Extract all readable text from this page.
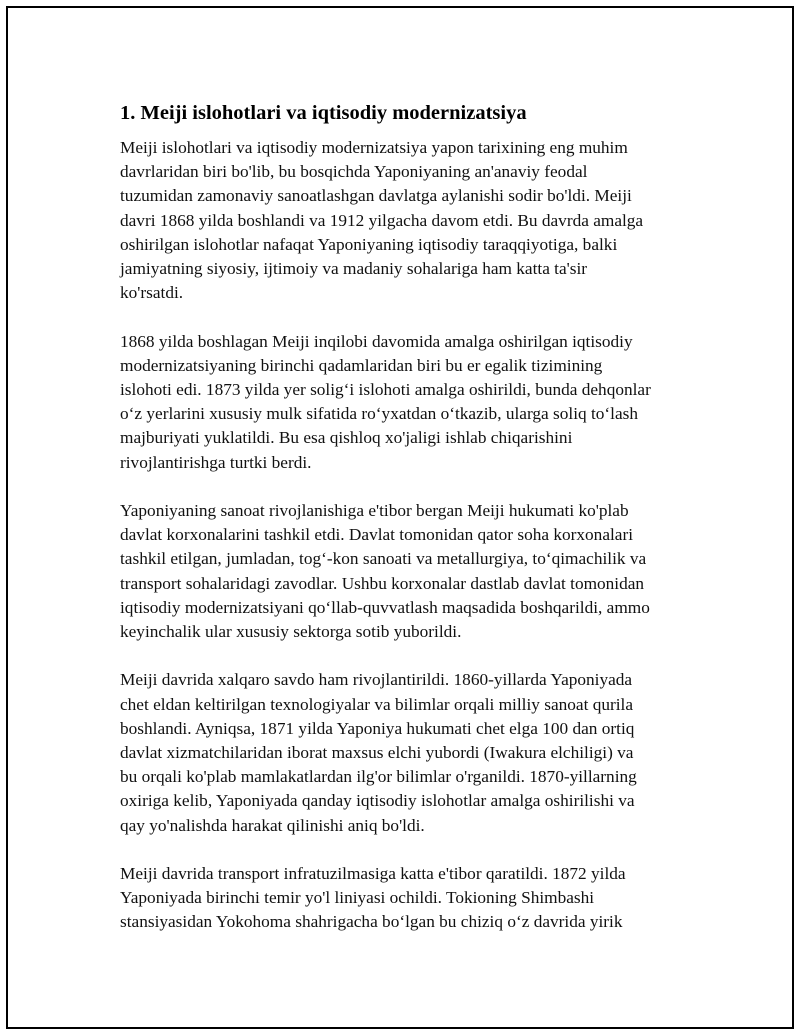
1. Meiji islohotlari va iqtisodiy modernizatsiya

Meiji islohotlari va iqtisodiy modernizatsiya yapon tarixining eng muhim
davrlaridan biri bo'lib, bu bosqichda Yaponiyaning an'anaviy feodal
tuzumidan zamonaviy sanoatlashgan davlatga aylanishi sodir bo'ldi. Meiji
davri 1868 yilda boshlandi va 1912 yilgacha davom etdi. Bu davrda amalga
oshirilgan islohotlar nafaqat Yaponiyaning iqtisodiy taraqqiyotiga, balki
jamiyatning siyosiy, ijtimoiy va madaniy sohalariga ham katta ta'sir
ko'rsatdi.

1868 yilda boshlagan Meiji inqilobi davomida amalga oshirilgan iqtisodiy
modernizatsiyaning birinchi qadamlaridan biri bu er egalik tizimining
islohoti edi. 1873 yilda yer solig‘i islohoti amalga oshirildi, bunda dehqonlar
o‘z yerlarini xususiy mulk sifatida ro‘yxatdan o‘tkazib, ularga soliq to‘lash
majburiyati yuklatildi. Bu esa qishloq xo'jaligi ishlab chiqarishini
rivojlantirishga turtki berdi.

Yaponiyaning sanoat rivojlanishiga e'tibor bergan Meiji hukumati ko'plab
davlat korxonalarini tashkil etdi. Davlat tomonidan qator soha korxonalari
tashkil etilgan, jumladan, tog‘-kon sanoati va metallurgiya, to‘qimachilik va
transport sohalaridagi zavodlar. Ushbu korxonalar dastlab davlat tomonidan
iqtisodiy modernizatsiyani qo‘llab-quvvatlash maqsadida boshqarildi, ammo
keyinchalik ular xususiy sektorga sotib yuborildi.

Meiji davrida xalqaro savdo ham rivojlantirildi. 1860-yillarda Yaponiyada
chet eldan keltirilgan texnologiyalar va bilimlar orqali milliy sanoat qurila
boshlandi. Ayniqsa, 1871 yilda Yaponiya hukumati chet elga 100 dan ortiq
davlat xizmatchilaridan iborat maxsus elchi yubordi (Iwakura elchiligi) va
bu orqali ko'plab mamlakatlardan ilg'or bilimlar o'rganildi. 1870-yillarning
oxiriga kelib, Yaponiyada qanday iqtisodiy islohotlar amalga oshirilishi va
qay yo'nalishda harakat qilinishi aniq bo'ldi.

Meiji davrida transport infratuzilmasiga katta e'tibor qaratildi. 1872 yilda
Yaponiyada birinchi temir yo'l liniyasi ochildi. Tokioning Shimbashi
stansiyasidan Yokohoma shahrigacha bo‘lgan bu chiziq o‘z davrida yirik
